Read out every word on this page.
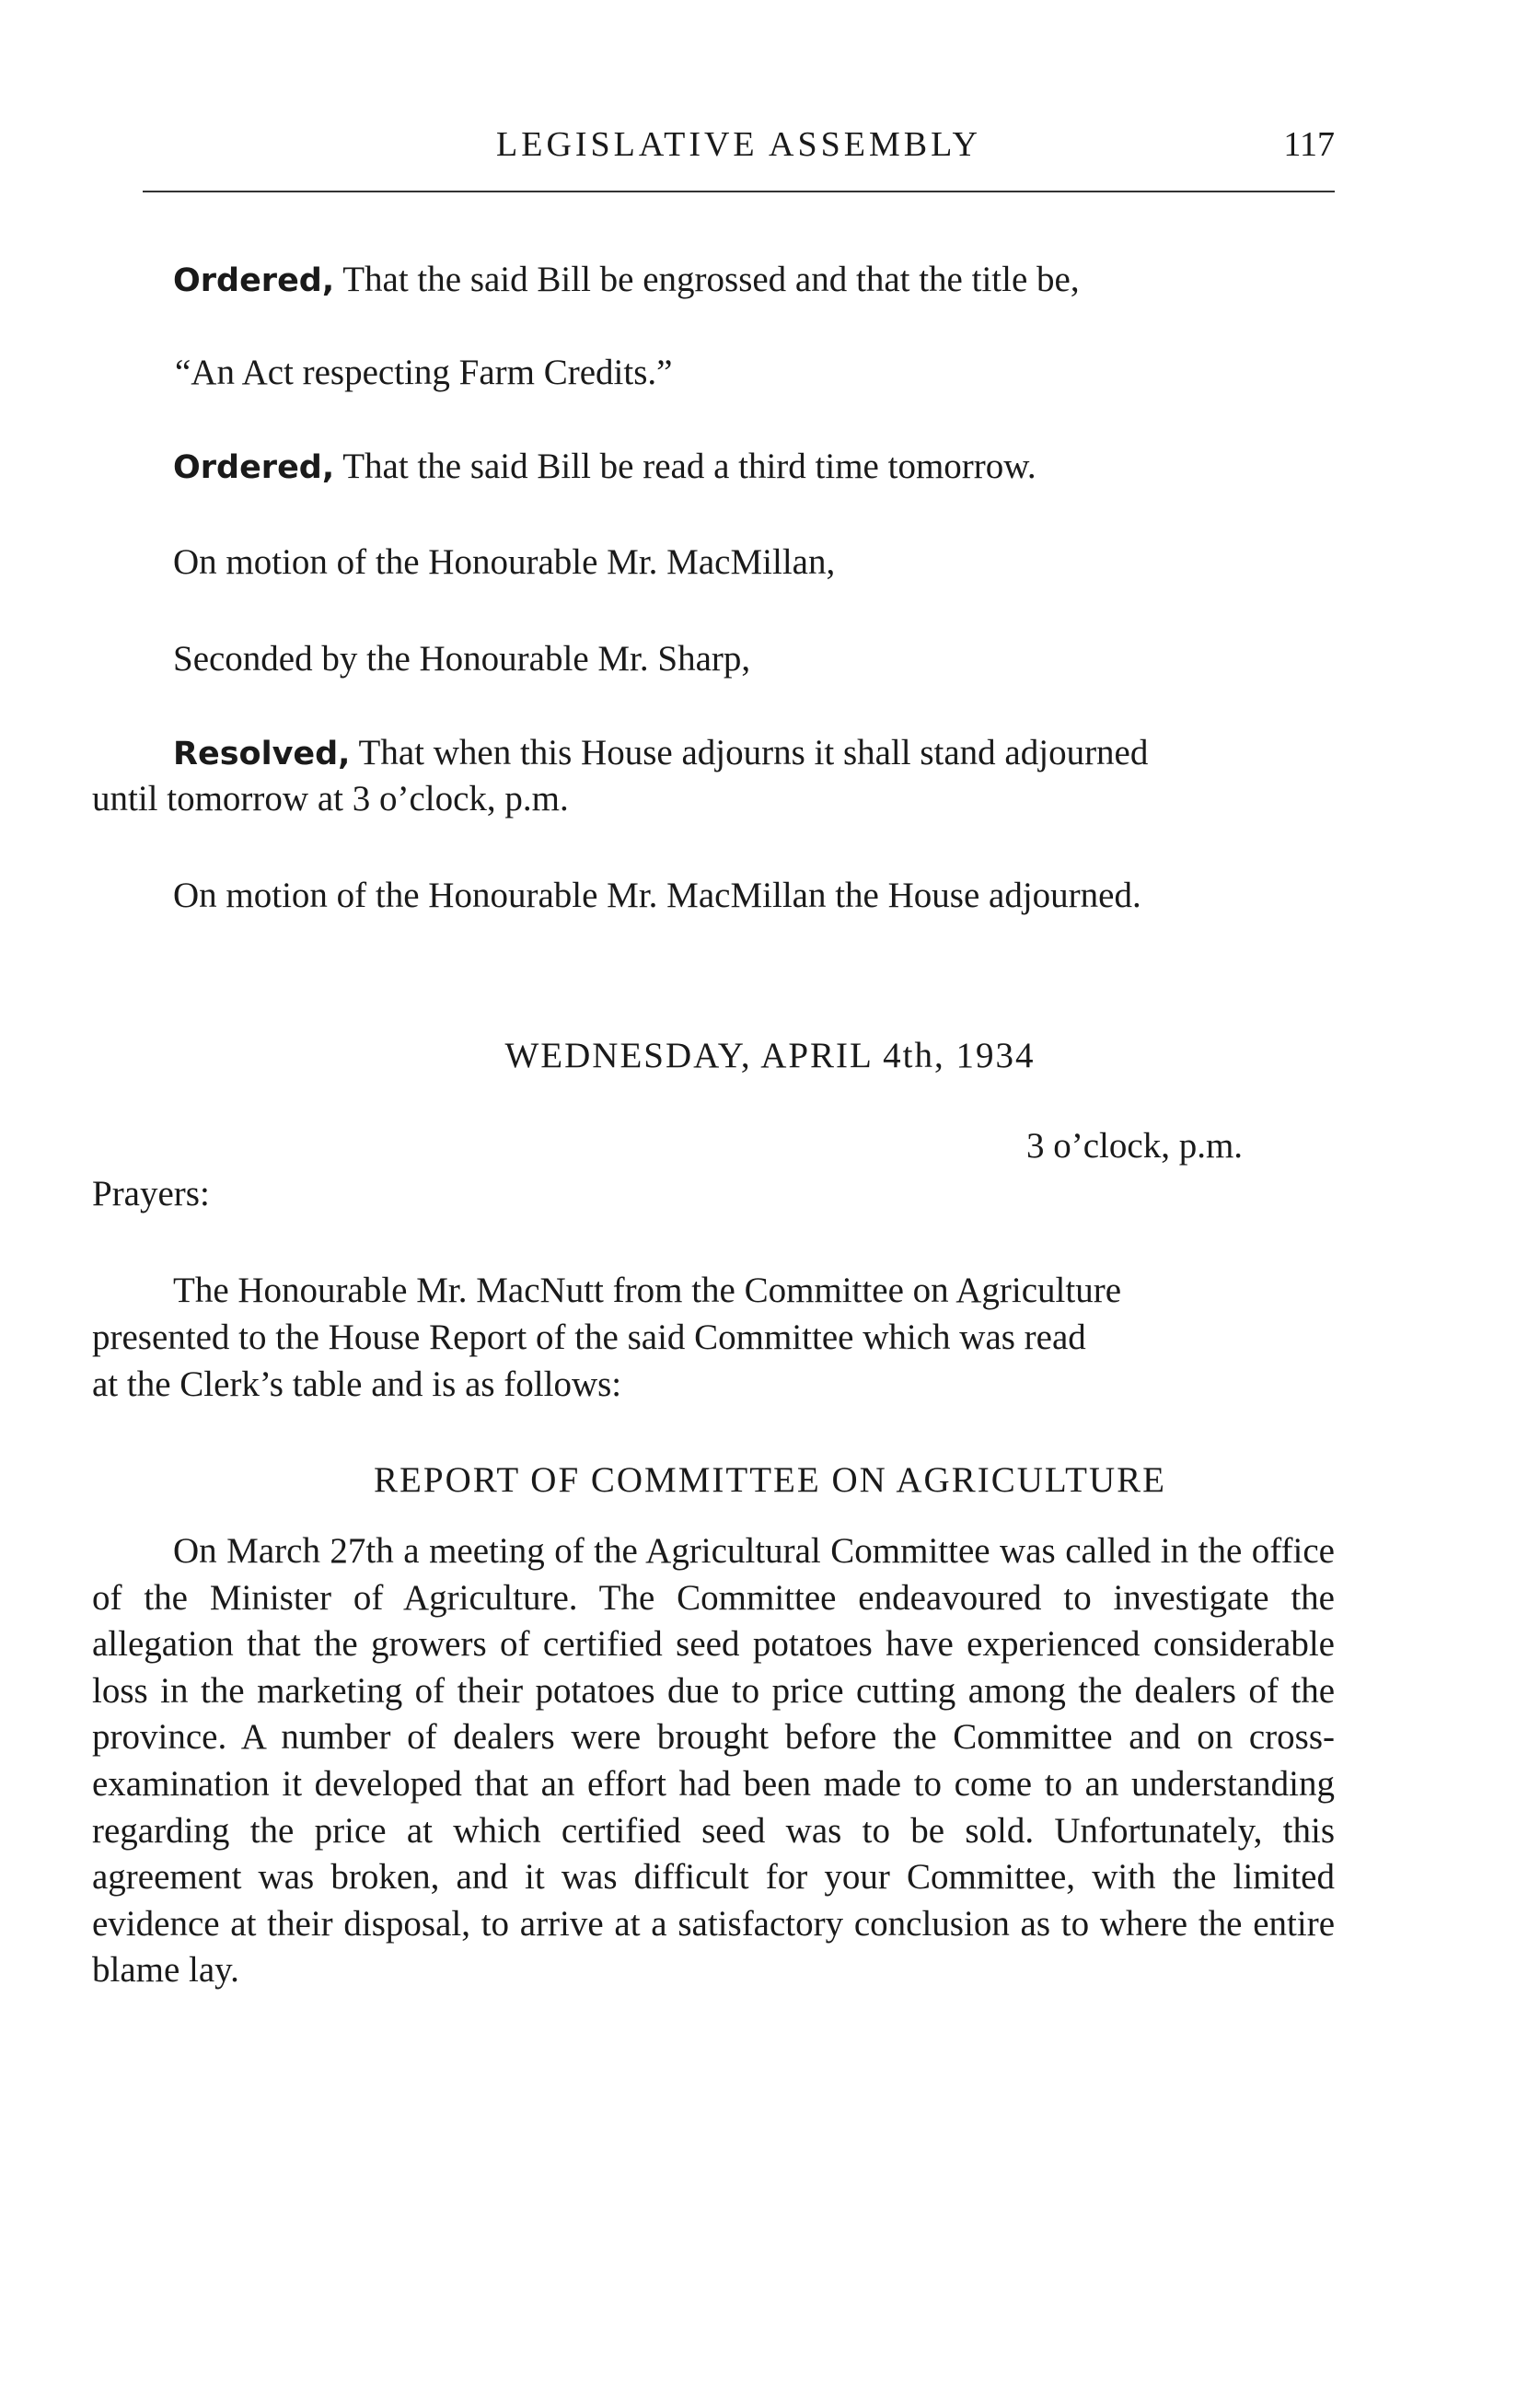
LEGISLATIVE ASSEMBLY	117
Ordered, That the said Bill be engrossed and that the title be,
“An Act respecting Farm Credits.”
Ordered, That the said Bill be read a third time tomorrow.
On motion of the Honourable Mr. MacMillan,
Seconded by the Honourable Mr. Sharp,
Resolved, That when this House adjourns it shall stand adjourned
until tomorrow at 3 o’clock, p.m.
On motion of the Honourable Mr. MacMillan the House adjourned.
WEDNESDAY, APRIL 4th, 1934
3 o’clock, p.m.
Prayers:
The Honourable Mr. MacNutt from the Committee on Agriculture
presented to the House Report of the said Committee which was read
at the Clerk’s table and is as follows:
REPORT OF COMMITTEE ON AGRICULTURE
On March 27th a meeting of the Agricultural Committee was called in the office of the Minister of Agriculture. The Committee endeavoured to investigate the allegation that the growers of certified seed potatoes have experienced considerable loss in the marketing of their potatoes due to price cutting among the dealers of the province. A number of dealers were brought before the Committee and on cross-examination it developed that an effort had been made to come to an understanding regarding the price at which certified seed was to be sold. Unfortunately, this agreement was broken, and it was difficult for your Committee, with the limited evidence at their disposal, to arrive at a satisfactory conclusion as to where the entire blame lay.
